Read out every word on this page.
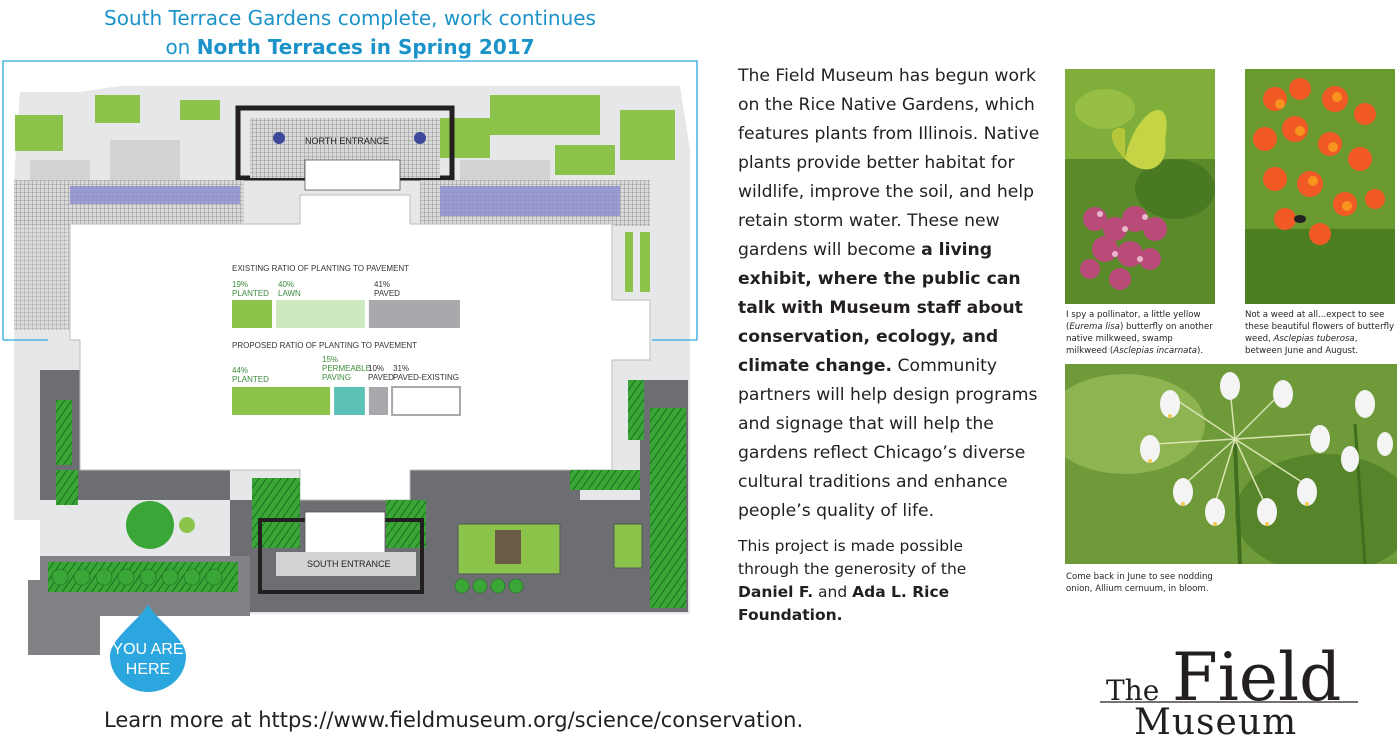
South Terrace Gardens complete, work continues
on North Terraces in Spring 2017
NORTH ENTRANCE
SOUTH ENTRANCE
EXISTING RATIO OF PLANTING TO PAVEMENT
19%
PLANTED
40%
LAWN
41%
PAVED
PROPOSED RATIO OF PLANTING TO PAVEMENT
44%
PLANTED
15%
PERMEABLE
PAVING
10%
PAVED
31%
PAVED-EXISTING
YOU ARE
HERE
The Field Museum has begun work on the Rice Native Gardens, which features plants from Illinois. Native plants provide better habitat for wildlife, improve the soil, and help retain storm water. These new gardens will become a living exhibit, where the public can talk with Museum staff about conservation, ecology, and climate change. Community partners will help design programs and signage that will help the gardens reflect Chicago’s diverse cultural traditions and enhance people’s quality of life.
This project is made possible
through the generosity of the
Daniel F. and Ada L. Rice Foundation.
I spy a pollinator, a little yellow (Eurema lisa) butterfly on another native milkweed, swamp milkweed (Asclepias incarnata).
Not a weed at all...expect to see these beautiful flowers of butterfly weed, Asclepias tuberosa, between June and August.
Come back in June to see nodding onion, Allium cernuum, in bloom.
Learn more at https://www.fieldmuseum.org/science/conservation.
The Field
Museum
